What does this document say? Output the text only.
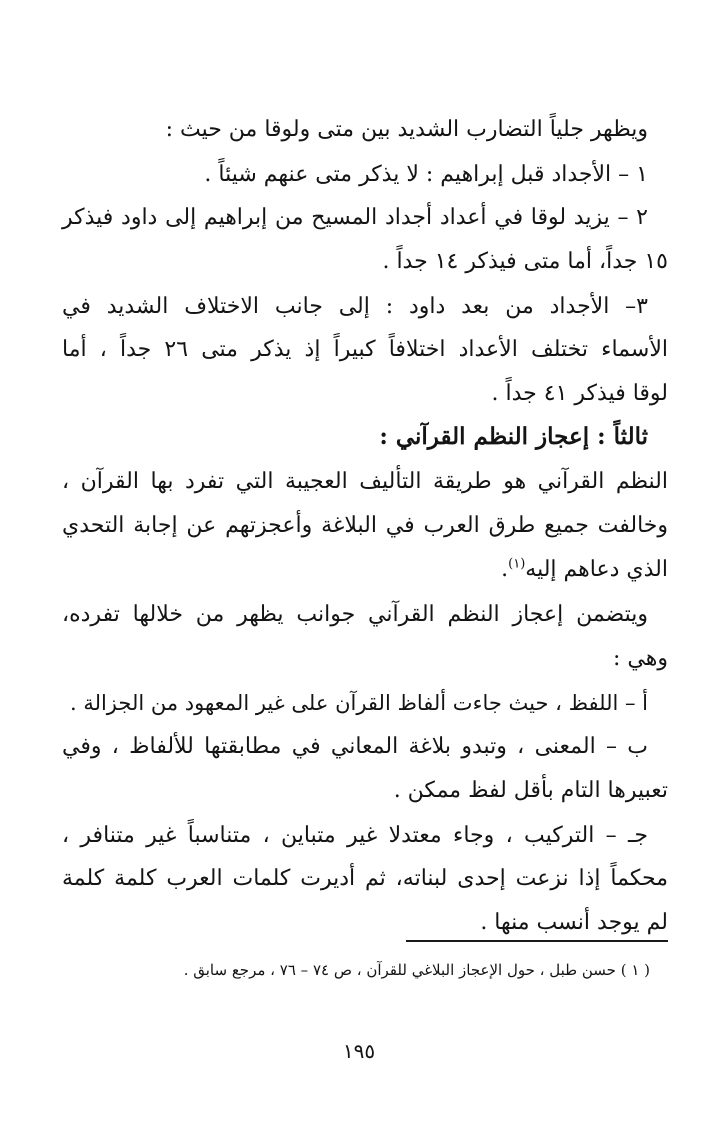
ويظهر جلياً التضارب الشديد بين متى ولوقا من حيث :
١ – الأجداد قبل إبراهيم : لا يذكر متى عنهم شيئاً .
٢ – يزيد لوقا في أعداد أجداد المسيح من إبراهيم إلى داود فيذكر
١٥ جداً، أما متى فيذكر ١٤ جداً .
٣– الأجداد من بعد داود : إلى جانب الاختلاف الشديد في
الأسماء تختلف الأعداد اختلافاً كبيراً إذ يذكر متى ٢٦ جداً ، أما
لوقا فيذكر ٤١ جداً .
ثالثاً : إعجاز النظم القرآني :
النظم القرآني هو طريقة التأليف العجيبة التي تفرد بها القرآن ،
وخالفت جميع طرق العرب في البلاغة وأعجزتهم عن إجابة التحدي
الذي دعاهم إليه$^{(١)}$.
ويتضمن إعجاز النظم القرآني جوانب يظهر من خلالها تفرده،
وهي :
أ – اللفظ ، حيث جاءت ألفاظ القرآن على غير المعهود من الجزالة .
ب – المعنى ، وتبدو بلاغة المعاني في مطابقتها للألفاظ ، وفي
تعبيرها التام بأقل لفظ ممكن .
جـ – التركيب ، وجاء معتدلا غير متباين ، متناسباً غير متنافر ،
محكماً إذا نزعت إحدى لبناته، ثم أديرت كلمات العرب كلمة كلمة
لم يوجد أنسب منها .
( ١ ) حسن طبل ، حول الإعجاز البلاغي للقرآن ، ص ٧٤ – ٧٦ ، مرجع سابق .
١٩٥
